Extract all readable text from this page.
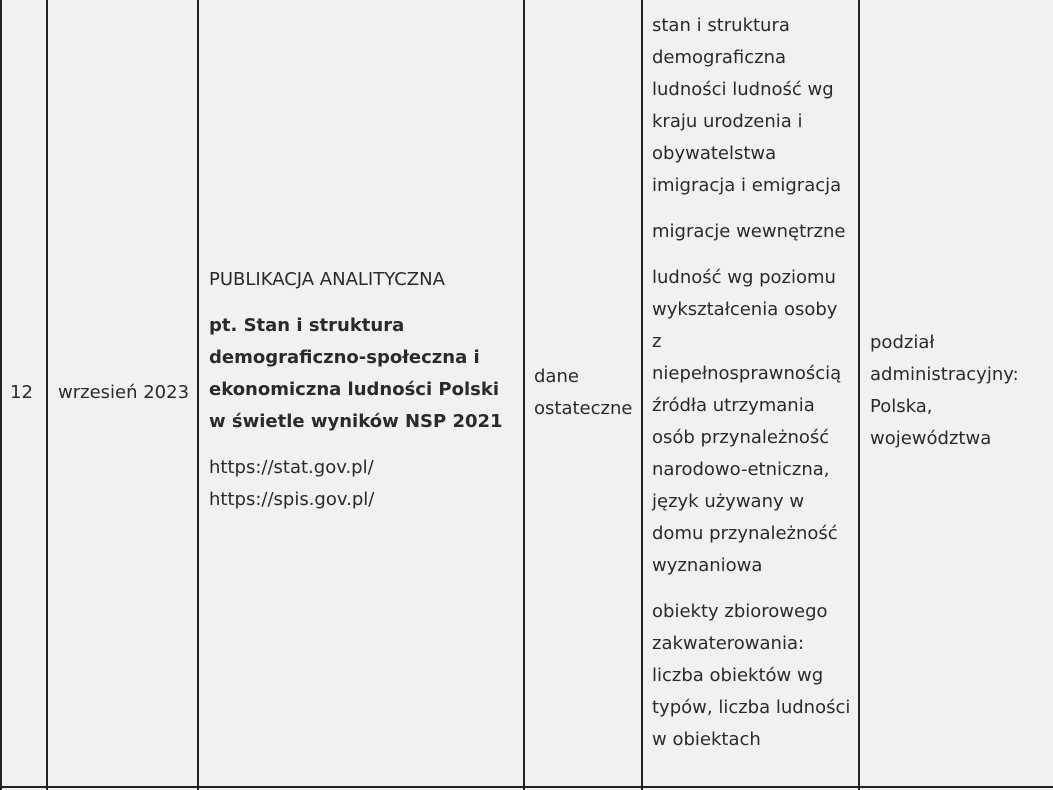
12 wrzesień 2023

PUBLIKACJA ANALITYCZNA

pt. Stan i struktura demograficzno-społeczna i ekonomiczna ludności Polski w świetle wyników NSP 2021

https://stat.gov.pl/
https://spis.gov.pl/

dane ostateczne

stan i struktura demograficzna ludności ludność wg kraju urodzenia i obywatelstwa imigracja i emigracja

migracje wewnętrzne

ludność wg poziomu wykształcenia osoby z niepełnosprawnością źródła utrzymania osób przynależność narodowo-etniczna, język używany w domu przynależność wyznaniowa

obiekty zbiorowego zakwaterowania: liczba obiektów wg typów, liczba ludności w obiektach

podział administracyjny: Polska, województwa
